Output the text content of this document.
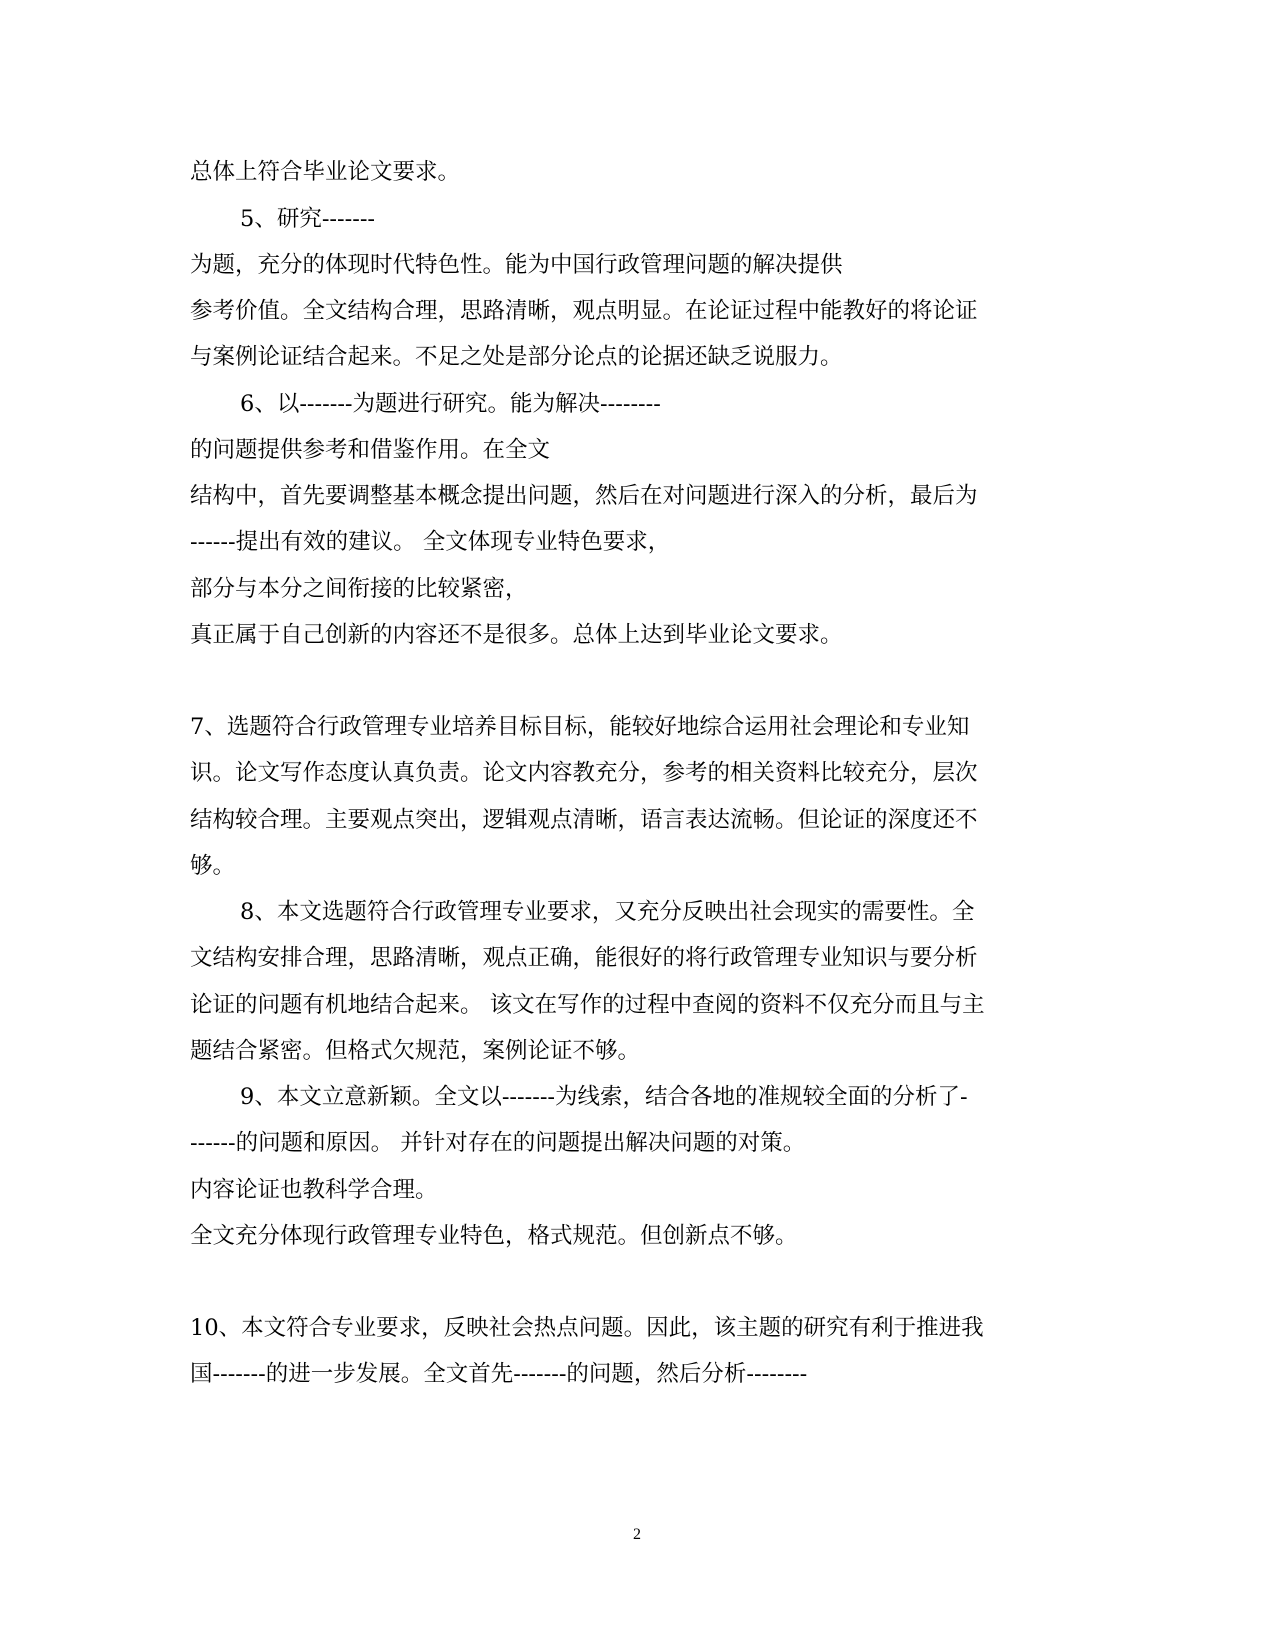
总体上符合毕业论文要求。
5、研究-------
为题，充分的体现时代特色性。能为中国行政管理问题的解决提供
参考价值。全文结构合理，思路清晰，观点明显。在论证过程中能教好的将论证
与案例论证结合起来。不足之处是部分论点的论据还缺乏说服力。
6、以-------为题进行研究。能为解决--------
的问题提供参考和借鉴作用。在全文
结构中，首先要调整基本概念提出问题，然后在对问题进行深入的分析，最后为
------提出有效的建议。 全文体现专业特色要求，
部分与本分之间衔接的比较紧密，
真正属于自己创新的内容还不是很多。总体上达到毕业论文要求。
7、选题符合行政管理专业培养目标目标，能较好地综合运用社会理论和专业知
识。论文写作态度认真负责。论文内容教充分，参考的相关资料比较充分，层次
结构较合理。主要观点突出，逻辑观点清晰，语言表达流畅。但论证的深度还不
够。
8、本文选题符合行政管理专业要求，又充分反映出社会现实的需要性。全
文结构安排合理，思路清晰，观点正确，能很好的将行政管理专业知识与要分析
论证的问题有机地结合起来。 该文在写作的过程中查阅的资料不仅充分而且与主
题结合紧密。但格式欠规范，案例论证不够。
9、本文立意新颖。全文以-------为线索，结合各地的准规较全面的分析了-
------的问题和原因。 并针对存在的问题提出解决问题的对策。
内容论证也教科学合理。
全文充分体现行政管理专业特色，格式规范。但创新点不够。
10、本文符合专业要求，反映社会热点问题。因此，该主题的研究有利于推进我
国-------的进一步发展。全文首先-------的问题，然后分析--------
2
